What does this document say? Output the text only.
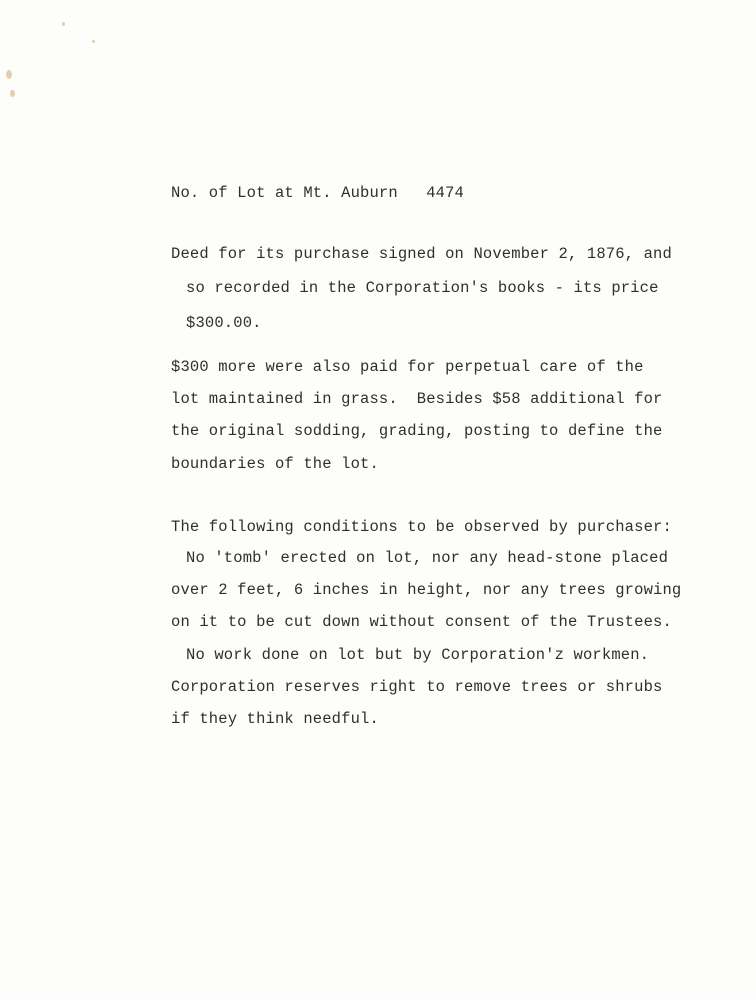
No. of Lot at Mt. Auburn   4474
Deed for its purchase signed on November 2, 1876, and
so recorded in the Corporation's books - its price
$300.00.
$300 more were also paid for perpetual care of the
lot maintained in grass.  Besides $58 additional for
the original sodding, grading, posting to define the
boundaries of the lot.
The following conditions to be observed by purchaser:
No 'tomb' erected on lot, nor any head-stone placed
over 2 feet, 6 inches in height, nor any trees growing
on it to be cut down without consent of the Trustees.
No work done on lot but by Corporation'z workmen.
Corporation reserves right to remove trees or shrubs
if they think needful.
